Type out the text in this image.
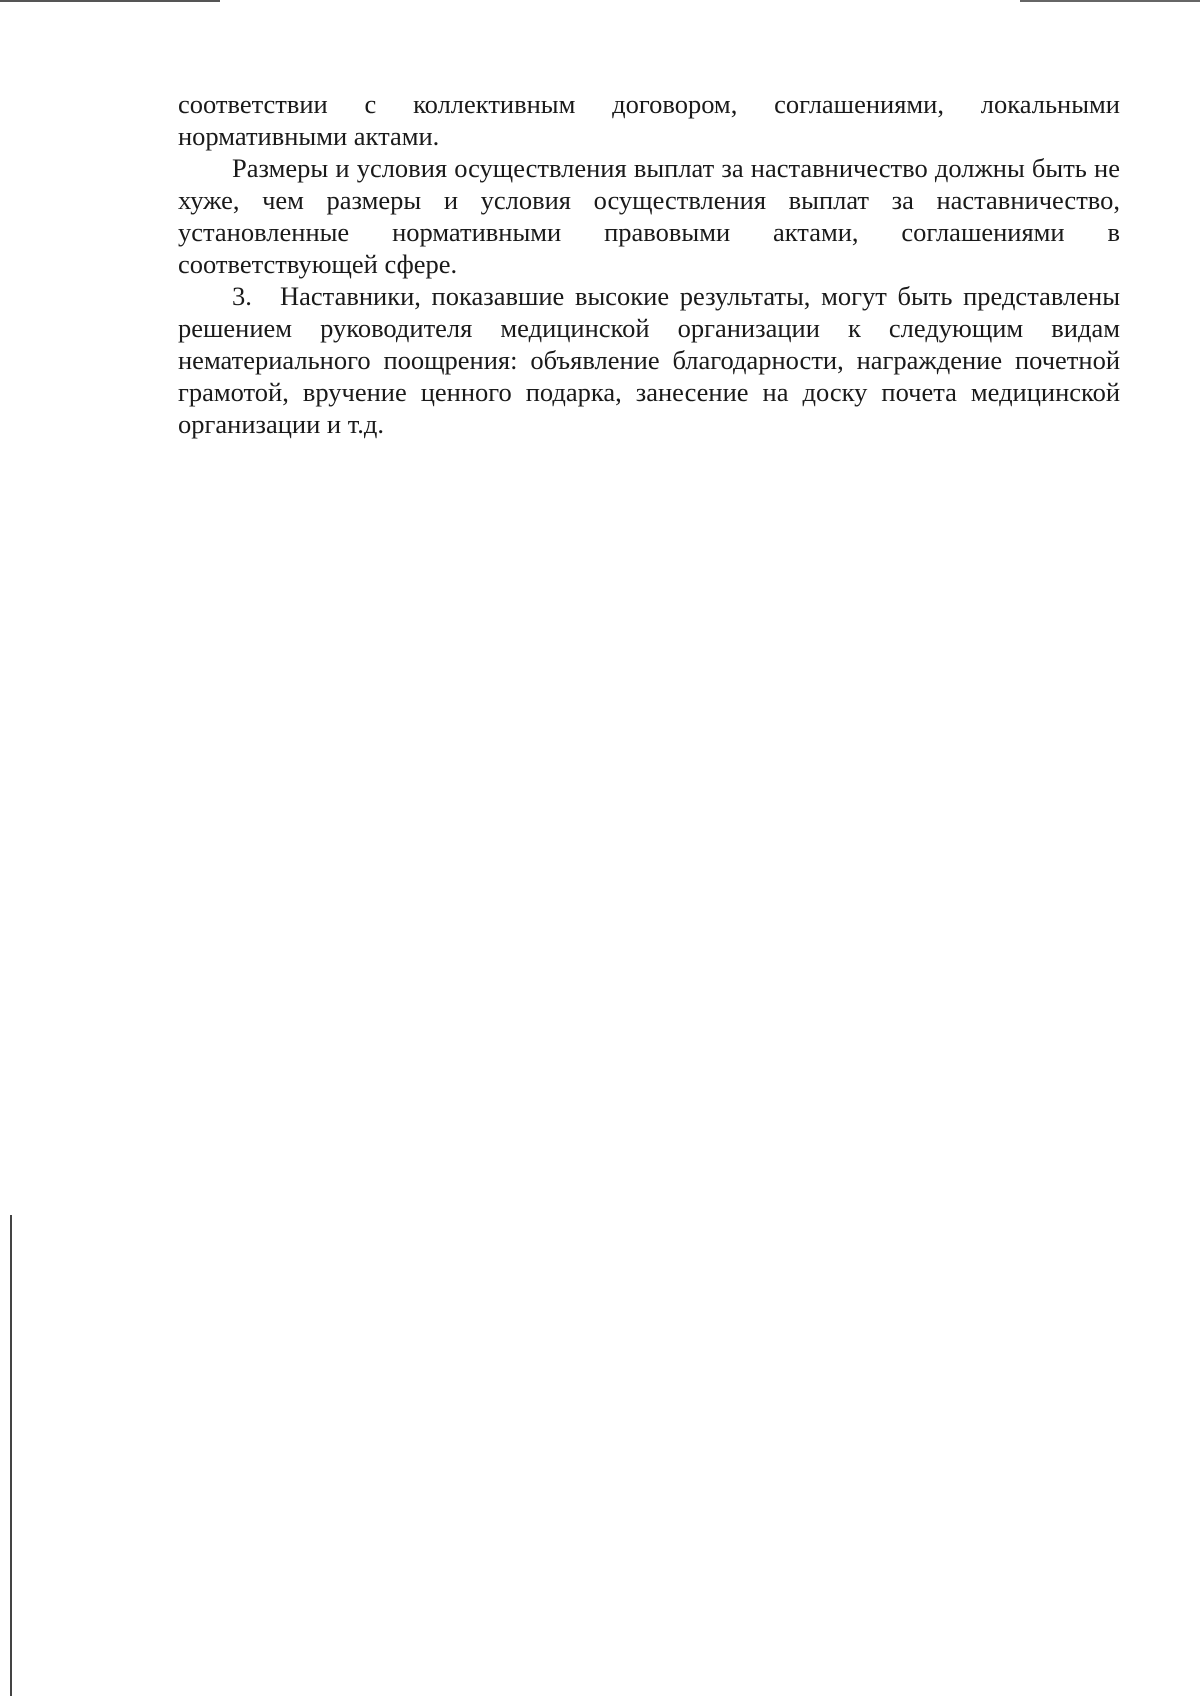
соответствии с коллективным договором, соглашениями, локальными нормативными актами.

Размеры и условия осуществления выплат за наставничество должны быть не хуже, чем размеры и условия осуществления выплат за наставничество, установленные нормативными правовыми актами, соглашениями в соответствующей сфере.

3. Наставники, показавшие высокие результаты, могут быть представлены решением руководителя медицинской организации к следующим видам нематериального поощрения: объявление благодарности, награждение почетной грамотой, вручение ценного подарка, занесение на доску почета медицинской организации и т.д.
